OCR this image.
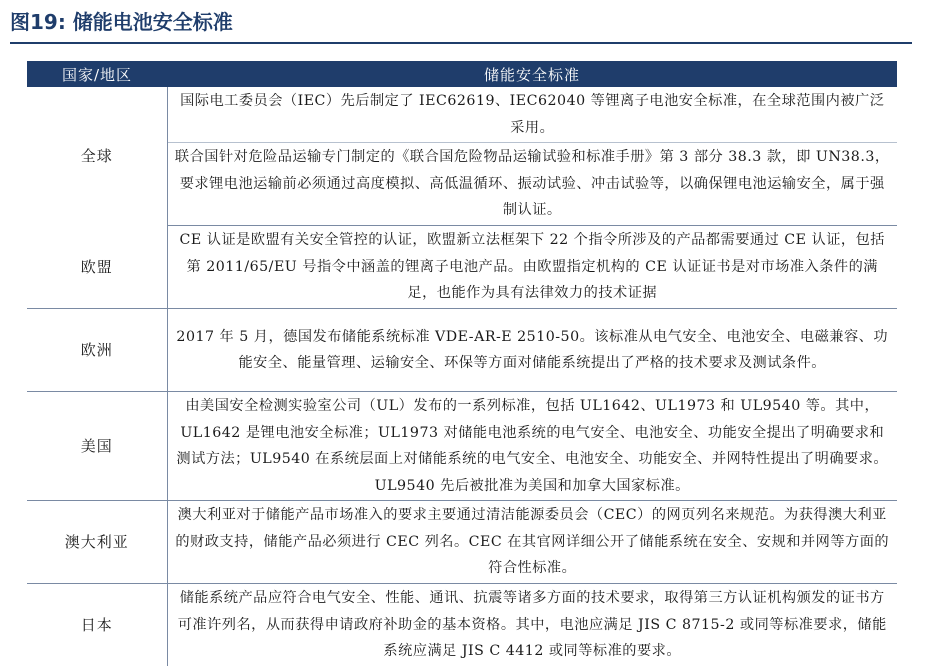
图19: 储能电池安全标准
国家/地区	储能安全标准
全球	国际电工委员会（IEC）先后制定了 IEC62619、IEC62040 等锂离子电池安全标准，在全球范围内被广泛采用。
	联合国针对危险品运输专门制定的《联合国危险物品运输试验和标准手册》第 3 部分 38.3 款，即 UN38.3，要求锂电池运输前必须通过高度模拟、高低温循环、振动试验、冲击试验等，以确保锂电池运输安全，属于强制认证。
欧盟	CE 认证是欧盟有关安全管控的认证，欧盟新立法框架下 22 个指令所涉及的产品都需要通过 CE 认证，包括第 2011/65/EU 号指令中涵盖的锂离子电池产品。由欧盟指定机构的 CE 认证证书是对市场准入条件的满足，也能作为具有法律效力的技术证据
欧洲	2017 年 5 月，德国发布储能系统标准 VDE-AR-E 2510-50。该标准从电气安全、电池安全、电磁兼容、功能安全、能量管理、运输安全、环保等方面对储能系统提出了严格的技术要求及测试条件。
美国	由美国安全检测实验室公司（UL）发布的一系列标准，包括 UL1642、UL1973 和 UL9540 等。其中，UL1642 是锂电池安全标准；UL1973 对储能电池系统的电气安全、电池安全、功能安全提出了明确要求和测试方法；UL9540 在系统层面上对储能系统的电气安全、电池安全、功能安全、并网特性提出了明确要求。UL9540 先后被批准为美国和加拿大国家标准。
澳大利亚	澳大利亚对于储能产品市场准入的要求主要通过清洁能源委员会（CEC）的网页列名来规范。为获得澳大利亚的财政支持，储能产品必须进行 CEC 列名。CEC 在其官网详细公开了储能系统在安全、安规和并网等方面的符合性标准。
日本	储能系统产品应符合电气安全、性能、通讯、抗震等诸多方面的技术要求，取得第三方认证机构颁发的证书方可准许列名，从而获得申请政府补助金的基本资格。其中，电池应满足 JIS C 8715-2 或同等标准要求，储能系统应满足 JIS C 4412 或同等标准的要求。
